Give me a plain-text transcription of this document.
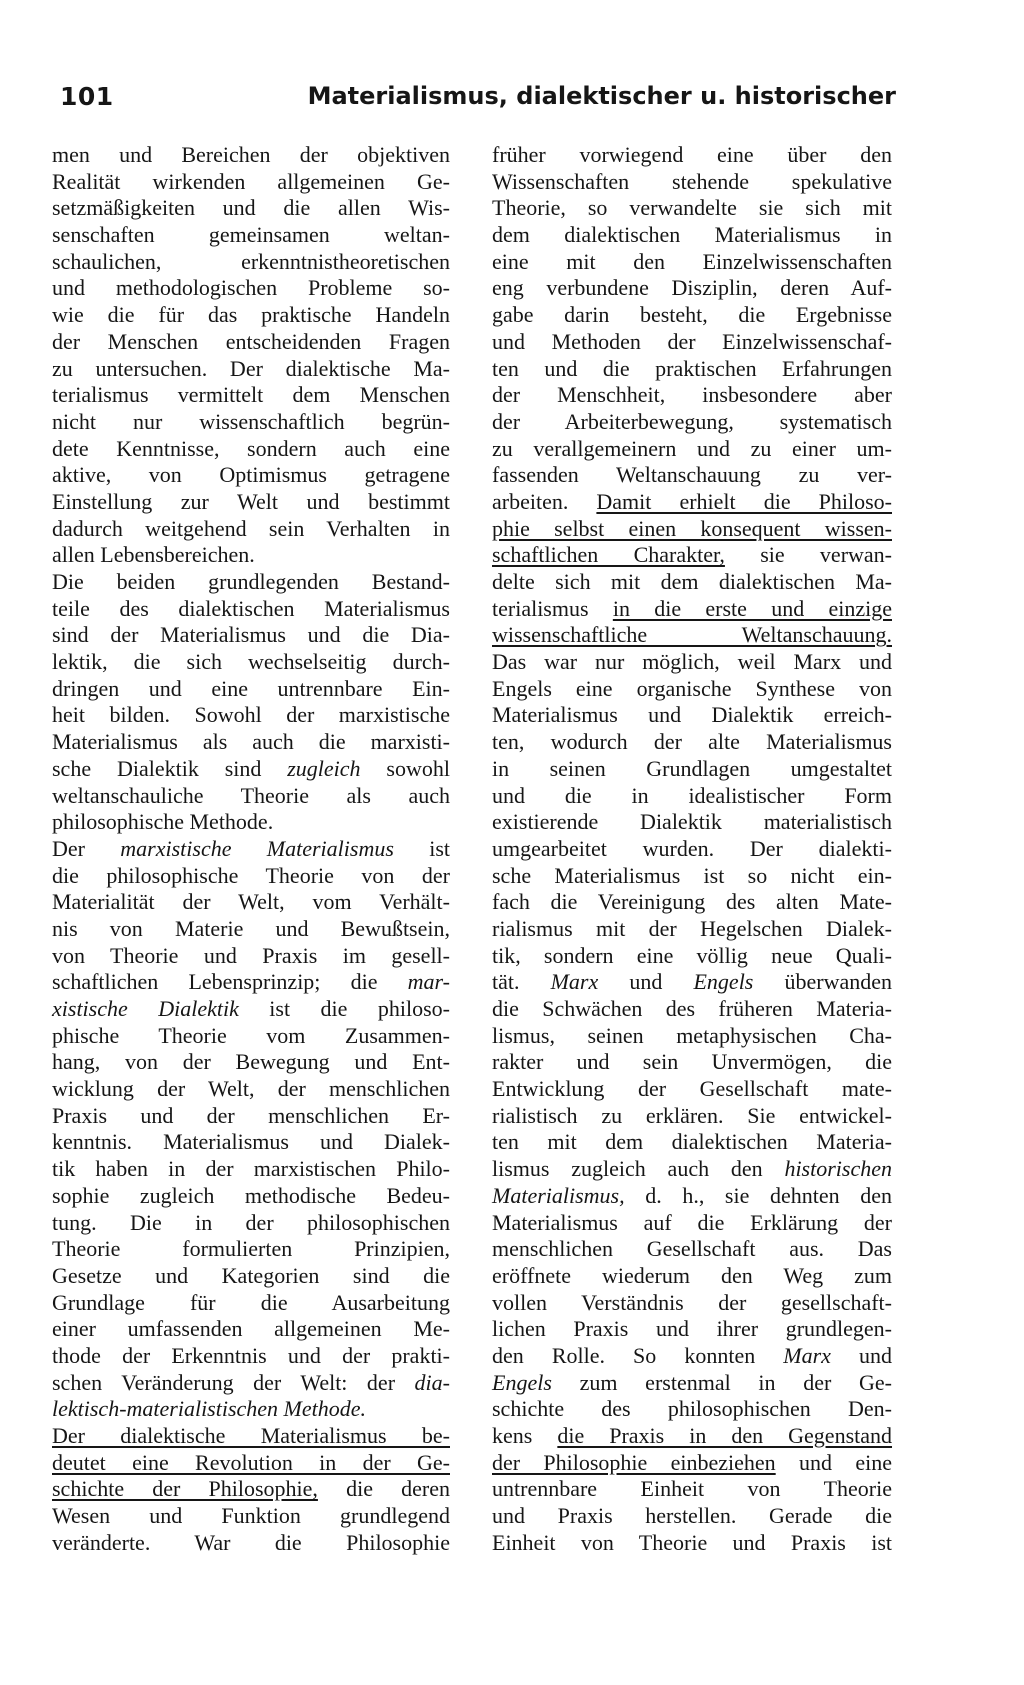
101	Materialismus, dialektischer u. historischer
men und Bereichen der objektiven
Realität wirkenden allgemeinen Ge-
setzmäßigkeiten und die allen Wis-
senschaften gemeinsamen weltan-
schaulichen, erkenntnistheoretischen
und methodologischen Probleme so-
wie die für das praktische Handeln
der Menschen entscheidenden Fragen
zu untersuchen. Der dialektische Ma-
terialismus vermittelt dem Menschen
nicht nur wissenschaftlich begrün-
dete Kenntnisse, sondern auch eine
aktive, von Optimismus getragene
Einstellung zur Welt und bestimmt
dadurch weitgehend sein Verhalten in
allen Lebensbereichen.
Die beiden grundlegenden Bestand-
teile des dialektischen Materialismus
sind der Materialismus und die Dia-
lektik, die sich wechselseitig durch-
dringen und eine untrennbare Ein-
heit bilden. Sowohl der marxistische
Materialismus als auch die marxisti-
sche Dialektik sind zugleich sowohl
weltanschauliche Theorie als auch
philosophische Methode.
Der marxistische Materialismus ist
die philosophische Theorie von der
Materialität der Welt, vom Verhält-
nis von Materie und Bewußtsein,
von Theorie und Praxis im gesell-
schaftlichen Lebensprinzip; die mar-
xistische Dialektik ist die philoso-
phische Theorie vom Zusammen-
hang, von der Bewegung und Ent-
wicklung der Welt, der menschlichen
Praxis und der menschlichen Er-
kenntnis. Materialismus und Dialek-
tik haben in der marxistischen Philo-
sophie zugleich methodische Bedeu-
tung. Die in der philosophischen
Theorie formulierten Prinzipien,
Gesetze und Kategorien sind die
Grundlage für die Ausarbeitung
einer umfassenden allgemeinen Me-
thode der Erkenntnis und der prakti-
schen Veränderung der Welt: der dia-
lektisch-materialistischen Methode.
Der dialektische Materialismus be-
deutet eine Revolution in der Ge-
schichte der Philosophie, die deren
Wesen und Funktion grundlegend
veränderte. War die Philosophie
früher vorwiegend eine über den
Wissenschaften stehende spekulative
Theorie, so verwandelte sie sich mit
dem dialektischen Materialismus in
eine mit den Einzelwissenschaften
eng verbundene Disziplin, deren Auf-
gabe darin besteht, die Ergebnisse
und Methoden der Einzelwissenschaf-
ten und die praktischen Erfahrungen
der Menschheit, insbesondere aber
der Arbeiterbewegung, systematisch
zu verallgemeinern und zu einer um-
fassenden Weltanschauung zu ver-
arbeiten. Damit erhielt die Philoso-
phie selbst einen konsequent wissen-
schaftlichen Charakter, sie verwan-
delte sich mit dem dialektischen Ma-
terialismus in die erste und einzige
wissenschaftliche Weltanschauung.
Das war nur möglich, weil Marx und
Engels eine organische Synthese von
Materialismus und Dialektik erreich-
ten, wodurch der alte Materialismus
in seinen Grundlagen umgestaltet
und die in idealistischer Form
existierende Dialektik materialistisch
umgearbeitet wurden. Der dialekti-
sche Materialismus ist so nicht ein-
fach die Vereinigung des alten Mate-
rialismus mit der Hegelschen Dialek-
tik, sondern eine völlig neue Quali-
tät. Marx und Engels überwanden
die Schwächen des früheren Materia-
lismus, seinen metaphysischen Cha-
rakter und sein Unvermögen, die
Entwicklung der Gesellschaft mate-
rialistisch zu erklären. Sie entwickel-
ten mit dem dialektischen Materia-
lismus zugleich auch den historischen
Materialismus, d. h., sie dehnten den
Materialismus auf die Erklärung der
menschlichen Gesellschaft aus. Das
eröffnete wiederum den Weg zum
vollen Verständnis der gesellschaft-
lichen Praxis und ihrer grundlegen-
den Rolle. So konnten Marx und
Engels zum erstenmal in der Ge-
schichte des philosophischen Den-
kens die Praxis in den Gegenstand
der Philosophie einbeziehen und eine
untrennbare Einheit von Theorie
und Praxis herstellen. Gerade die
Einheit von Theorie und Praxis ist
